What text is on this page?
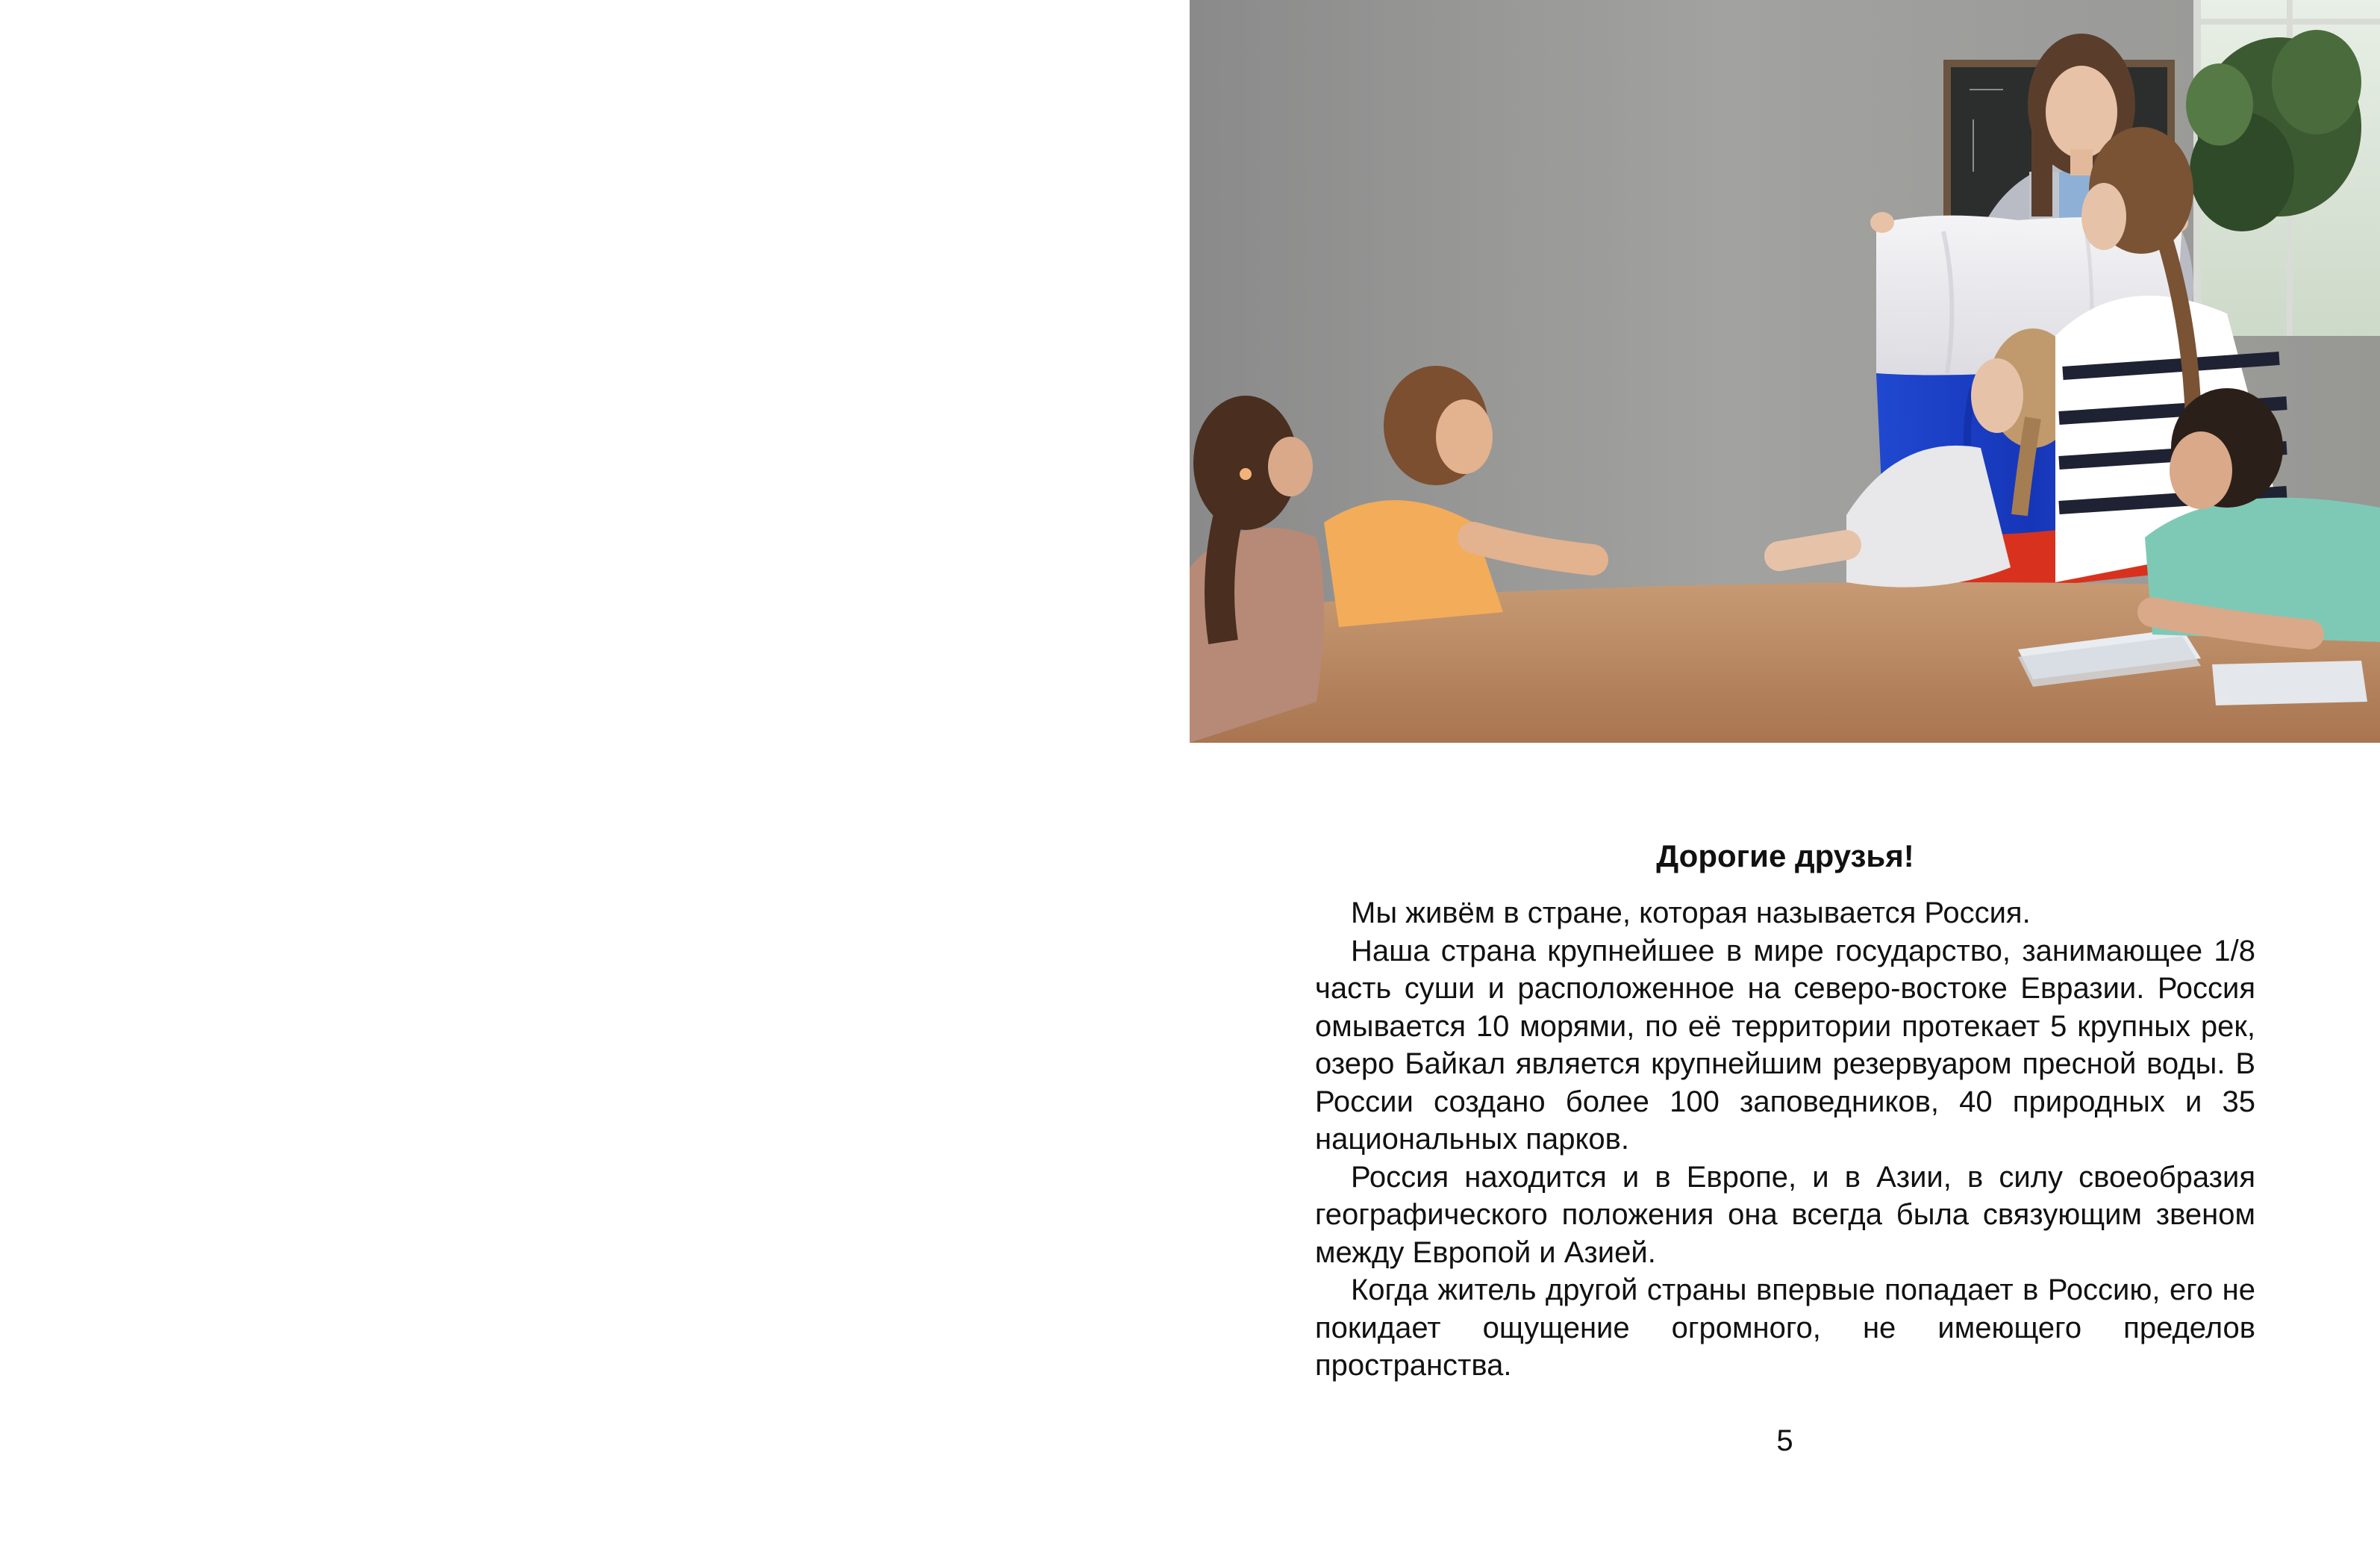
Дорогие друзья!

Мы живём в стране, которая называется Россия.

Наша страна крупнейшее в мире государство, занимающее 1/8 часть суши и расположенное на северо-востоке Евразии. Россия омывается 10 морями, по её территории протекает 5 крупных рек, озеро Байкал является крупнейшим резервуаром пресной воды. В России создано более 100 заповедников, 40 природных и 35 национальных парков.

Россия находится и в Европе, и в Азии, в силу своеобразия географического положения она всегда была связующим звеном между Европой и Азией.

Когда житель другой страны впервые попадает в Россию, его не покидает ощущение огромного, не имеющего пределов пространства.

5
